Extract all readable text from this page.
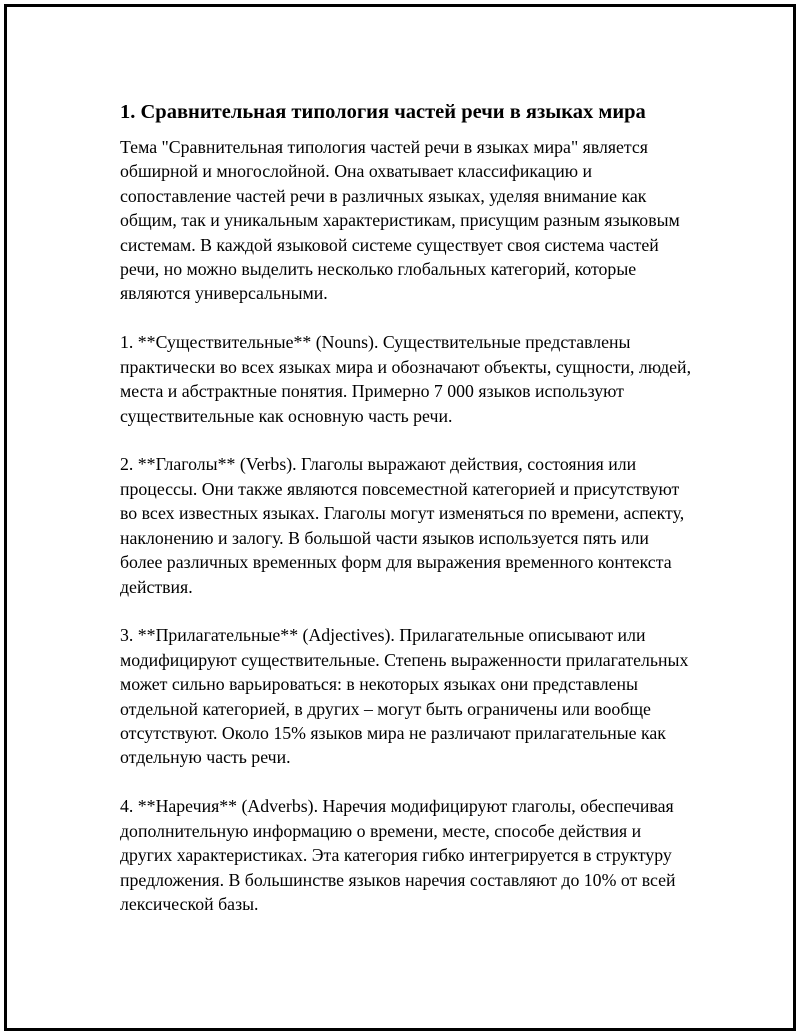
1. Сравнительная типология частей речи в языках мира

Тема "Сравнительная типология частей речи в языках мира" является обширной и многослойной. Она охватывает классификацию и сопоставление частей речи в различных языках, уделяя внимание как общим, так и уникальным характеристикам, присущим разным языковым системам. В каждой языковой системе существует своя система частей речи, но можно выделить несколько глобальных категорий, которые являются универсальными.

1. **Существительные** (Nouns). Существительные представлены практически во всех языках мира и обозначают объекты, сущности, людей, места и абстрактные понятия. Примерно 7 000 языков используют существительные как основную часть речи.

2. **Глаголы** (Verbs). Глаголы выражают действия, состояния или процессы. Они также являются повсеместной категорией и присутствуют во всех известных языках. Глаголы могут изменяться по времени, аспекту, наклонению и залогу. В большой части языков используется пять или более различных временных форм для выражения временного контекста действия.

3. **Прилагательные** (Adjectives). Прилагательные описывают или модифицируют существительные. Степень выраженности прилагательных может сильно варьироваться: в некоторых языках они представлены отдельной категорией, в других – могут быть ограничены или вообще отсутствуют. Около 15% языков мира не различают прилагательные как отдельную часть речи.

4. **Наречия** (Adverbs). Наречия модифицируют глаголы, обеспечивая дополнительную информацию о времени, месте, способе действия и других характеристиках. Эта категория гибко интегрируется в структуру предложения. В большинстве языков наречия составляют до 10% от всей лексической базы.
